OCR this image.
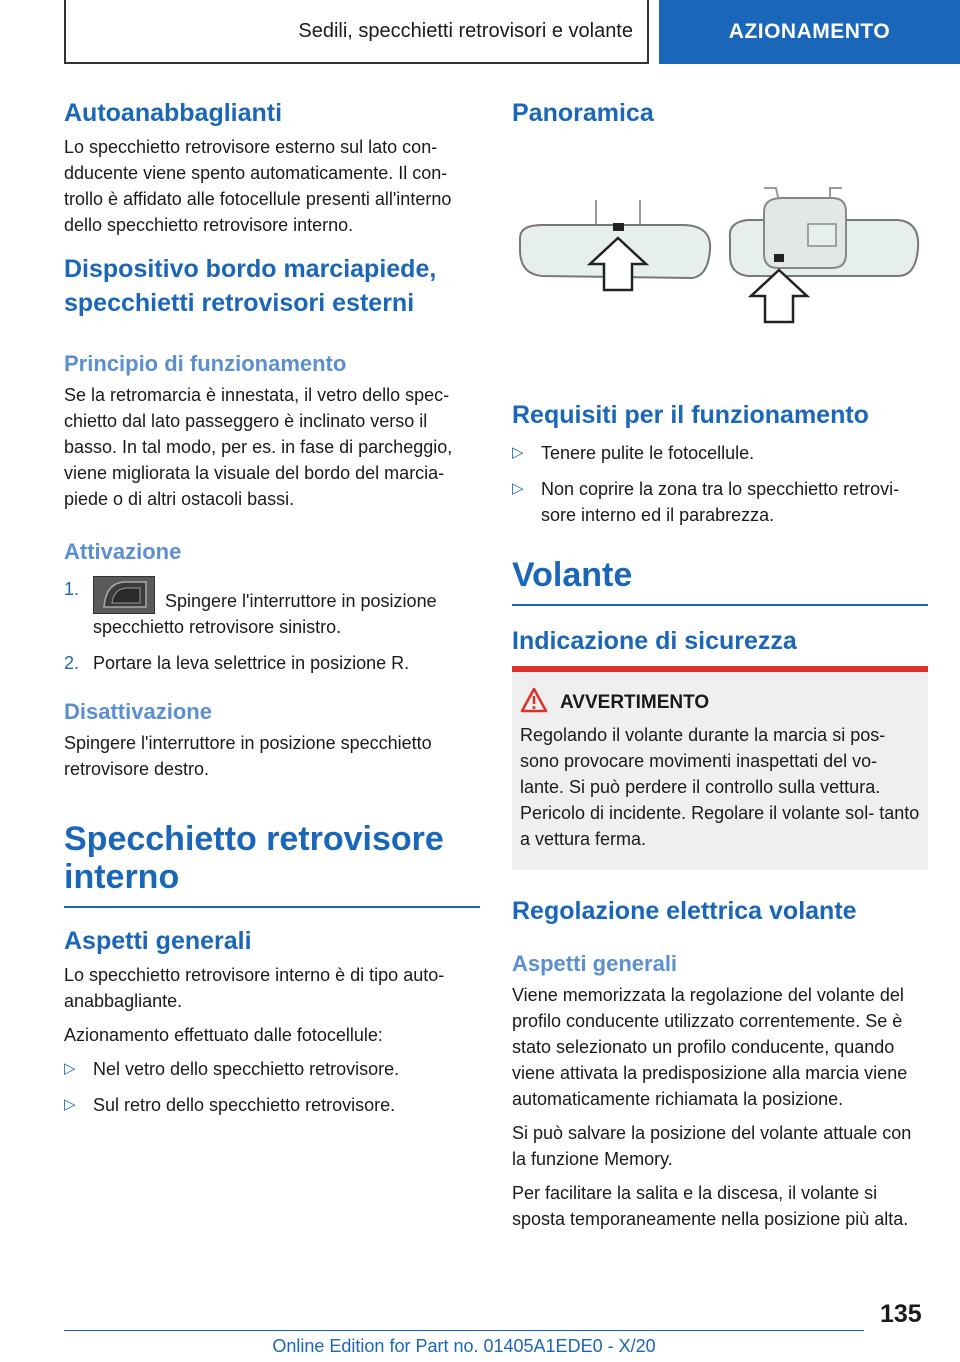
Sedili, specchietti retrovisori e volante	AZIONAMENTO
Autoanabbaglianti

Lo specchietto retrovisore esterno sul lato con- dducente viene spento automaticamente. Il con- trollo è affidato alle fotocellule presenti all'interno dello specchietto retrovisore interno.

Dispositivo bordo marciapiede, specchietti retrovisori esterni
Principio di funzionamento

Se la retromarcia è innestata, il vetro dello spec- chietto dal lato passeggero è inclinato verso il basso. In tal modo, per es. in fase di parcheggio, viene migliorata la visuale del bordo del marcia- piede o di altri ostacoli bassi.

Attivazione
1.
Spingere l'interruttore in posizione specchietto retrovisore sinistro.
2. Portare la leva selettrice in posizione R.
Disattivazione

Spingere l'interruttore in posizione specchietto retrovisore destro.

Specchietto retrovisore interno
Aspetti generali

Lo specchietto retrovisore interno è di tipo auto- anabbagliante.

Azionamento effettuato dalle fotocellule:

▷ Nel vetro dello specchietto retrovisore.
▷ Sul retro dello specchietto retrovisore.
Panoramica
Requisiti per il funzionamento
▷ Tenere pulite le fotocellule.
▷ Non coprire la zona tra lo specchietto retrovi- sore interno ed il parabrezza.
Volante
Indicazione di sicurezza
AVVERTIMENTO

Regolando il volante durante la marcia si pos- sono provocare movimenti inaspettati del vo- lante. Si può perdere il controllo sulla vettura. Pericolo di incidente. Regolare il volante sol- tanto a vettura ferma.

Regolazione elettrica volante
Aspetti generali

Viene memorizzata la regolazione del volante del profilo conducente utilizzato correntemente. Se è stato selezionato un profilo conducente, quando viene attivata la predisposizione alla marcia viene automaticamente richiamata la posizione.

Si può salvare la posizione del volante attuale con la funzione Memory.

Per facilitare la salita e la discesa, il volante si sposta temporaneamente nella posizione più alta.

135
Online Edition for Part no. 01405A1EDE0 - X/20
